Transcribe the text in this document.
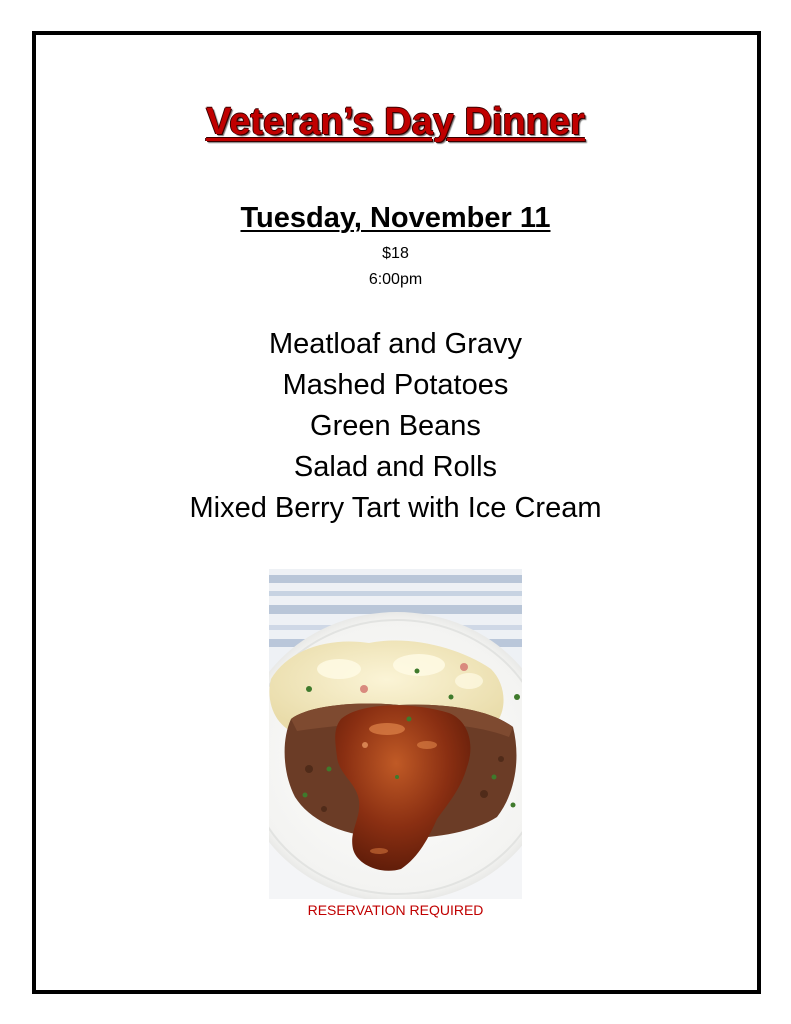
Veteran’s Day Dinner
Tuesday, November 11
$18
6:00pm
Meatloaf and Gravy
Mashed Potatoes
Green Beans
Salad and Rolls
Mixed Berry Tart with Ice Cream
RESERVATION REQUIRED
